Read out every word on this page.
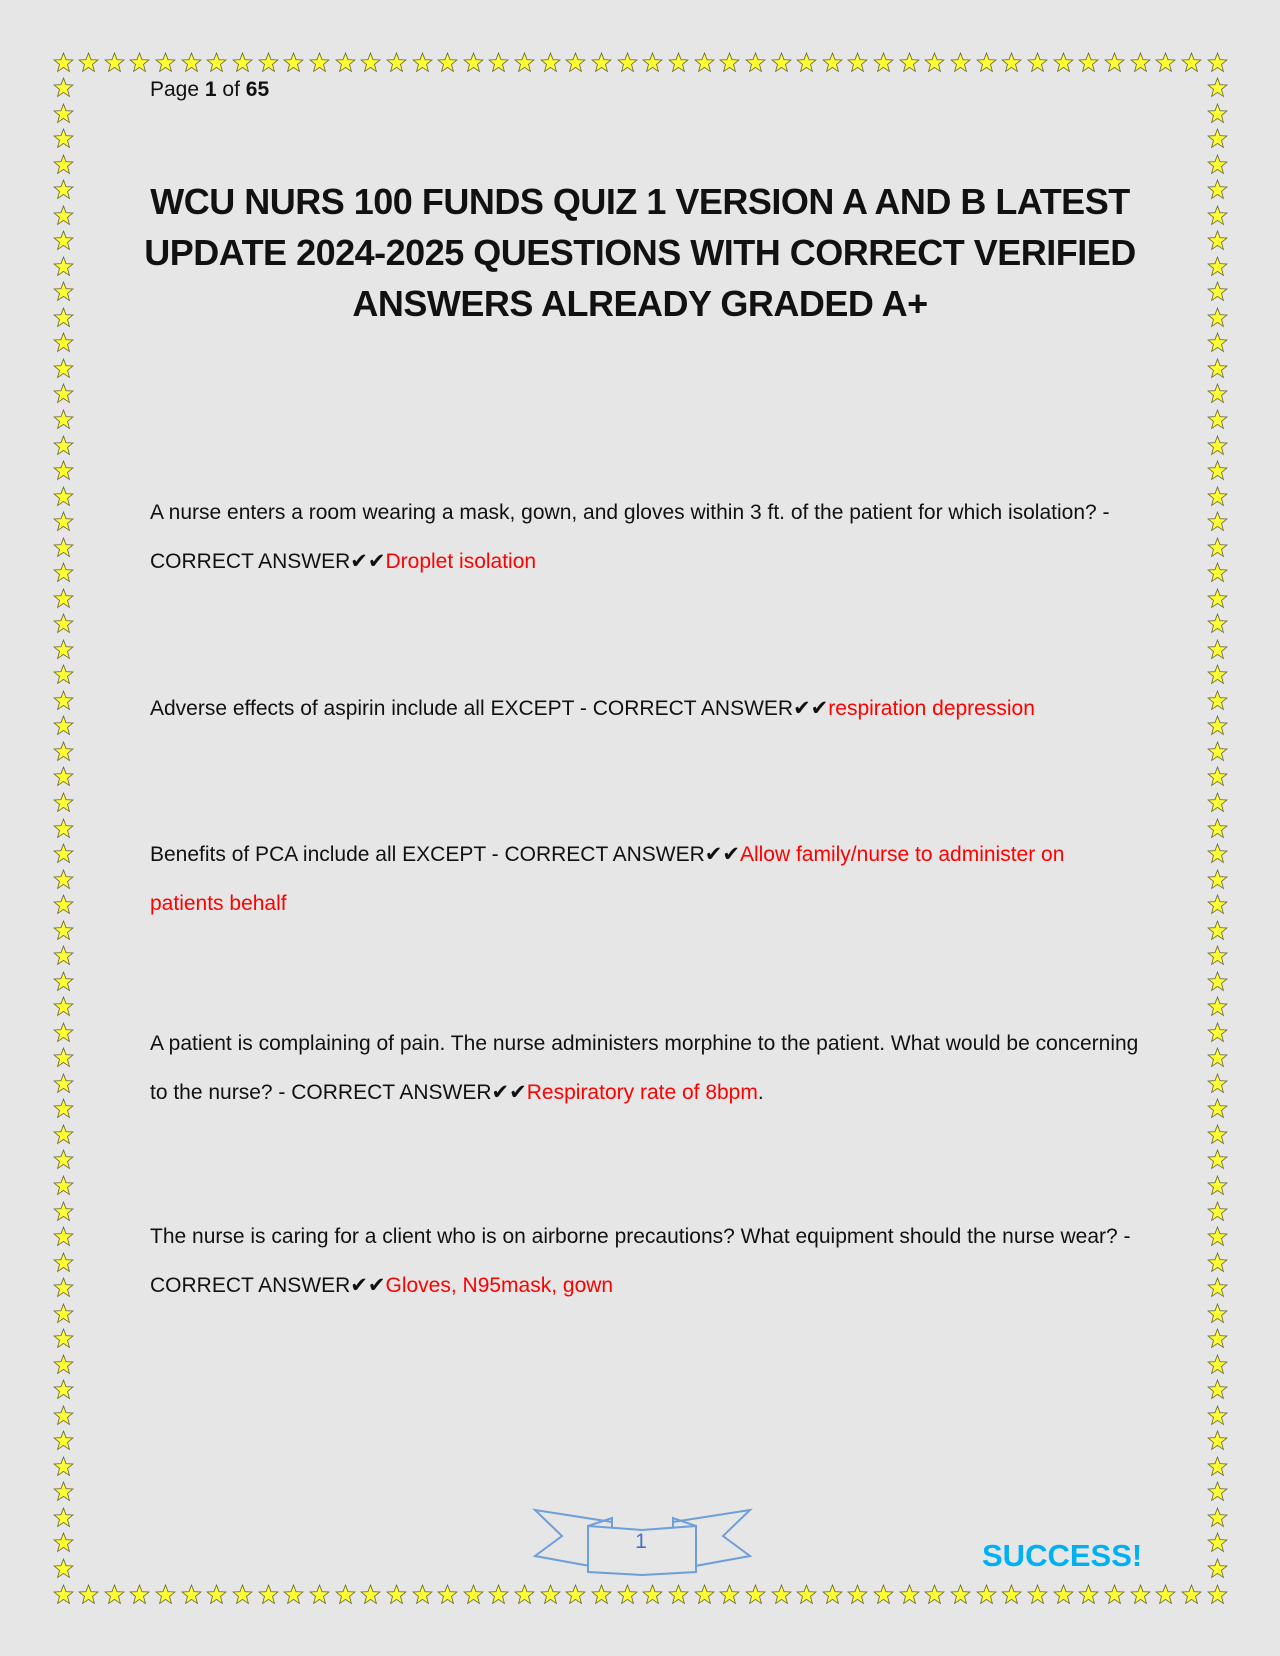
Page 1 of 65
WCU NURS 100 FUNDS QUIZ 1 VERSION A AND B LATEST UPDATE 2024-2025 QUESTIONS WITH CORRECT VERIFIED ANSWERS ALREADY GRADED A+
A nurse enters a room wearing a mask, gown, and gloves within 3 ft. of the patient for which isolation? - CORRECT ANSWER✔✔Droplet isolation
Adverse effects of aspirin include all EXCEPT - CORRECT ANSWER✔✔respiration depression
Benefits of PCA include all EXCEPT - CORRECT ANSWER✔✔Allow family/nurse to administer on patients behalf
A patient is complaining of pain. The nurse administers morphine to the patient. What would be concerning to the nurse? - CORRECT ANSWER✔✔Respiratory rate of 8bpm.
The nurse is caring for a client who is on airborne precautions? What equipment should the nurse wear? - CORRECT ANSWER✔✔Gloves, N95mask, gown
1	SUCCESS!
